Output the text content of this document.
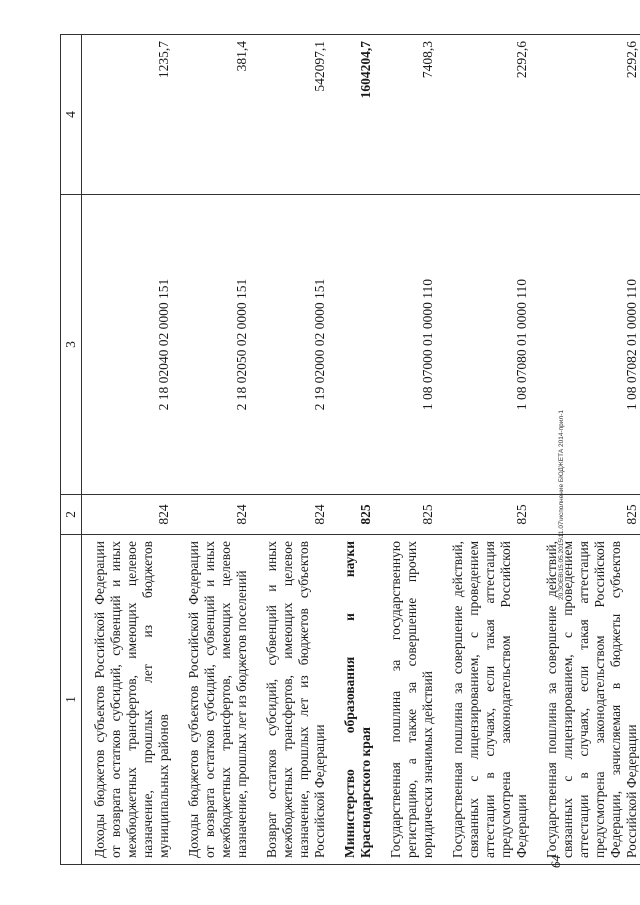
1	2	3	4
Доходы бюджетов субъектов Российской Федерации от возврата остатков субсидий, субвенций и иных межбюджетных трансфертов, имеющих целевое назначение, прошлых лет из бюджетов муниципальных районов	824	2 18 02040 02 0000 151	1235,7
Доходы бюджетов субъектов Российской Федерации от возврата остатков субсидий, субвенций и иных межбюджетных трансфертов, имеющих целевое назначение, прошлых лет из бюджетов поселений	824	2 18 02050 02 0000 151	381,4
Возврат остатков субсидий, субвенций и иных межбюджетных трансфертов, имеющих целевое назначение, прошлых лет из бюджетов субъектов Российской Федерации	824	2 19 02000 02 0000 151	542097,1
Министерство образования и науки Краснодарского края	825		1604204,7
Государственная пошлина за государственную регистрацию, а также за совершение прочих юридически значимых действий	825	1 08 07000 01 0000 110	7408,3
Государственная пошлина за совершение действий, связанных с лицензированием, с проведением аттестации в случаях, если такая аттестация предусмотрена законодательством Российской Федерации	825	1 08 07080 01 0000 110	2292,6
Государственная пошлина за совершение действий, связанных с лицензированием, с проведением аттестации в случаях, если такая аттестация предусмотрена законодательством Российской Федерации, зачисляемая в бюджеты субъектов Российской Федерации	825	1 08 07082 01 0000 110	2292,6
20.ЗОЕВ\15.05.2015\11.07\исполнение БЮДЖЕТА 2014-прил-1
64
